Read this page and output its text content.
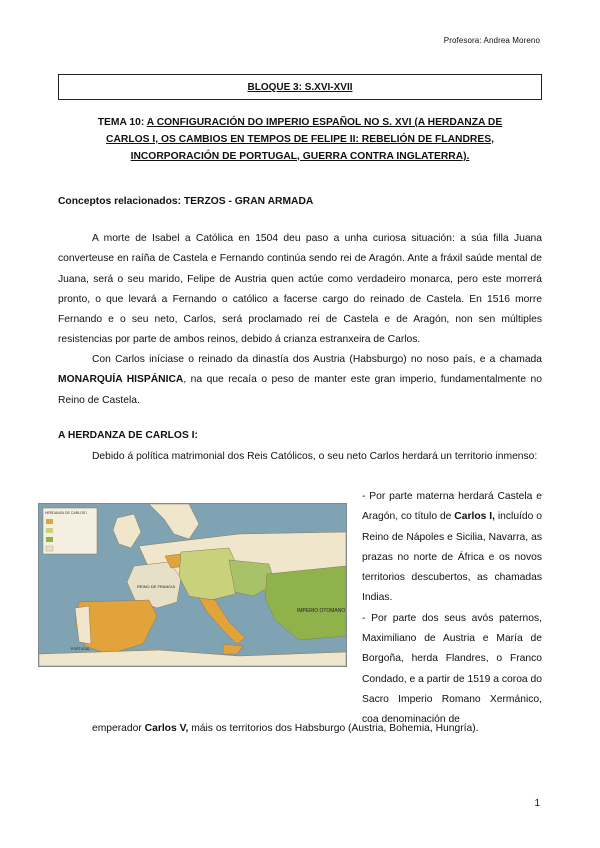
Profesora: Andrea Moreno
BLOQUE 3: S.XVI-XVII
TEMA 10: A CONFIGURACIÓN DO IMPERIO ESPAÑOL NO S. XVI (A HERDANZA DE
CARLOS I, OS CAMBIOS EN TEMPOS DE FELIPE II: REBELIÓN DE FLANDRES,
INCORPORACIÓN DE PORTUGAL, GUERRA CONTRA INGLATERRA).
Conceptos relacionados: TERZOS - GRAN ARMADA
A morte de Isabel a Católica en 1504 deu paso a unha curiosa situación: a súa filla Juana converteuse en raíña de Castela e Fernando continúa sendo rei de Aragón. Ante a fráxil saúde mental de Juana, será o seu marido, Felipe de Austria quen actúe como verdadeiro monarca, pero este morrerá pronto, o que levará a Fernando o católico a facerse cargo do reinado de Castela. En 1516 morre Fernando e o seu neto, Carlos, será proclamado rei de Castela e de Aragón, non sen múltiples resistencias por parte de ambos reinos, debido á crianza estranxeira de Carlos.
Con Carlos iníciase o reinado da dinastía dos Austria (Habsburgo) no noso país, e a chamada MONARQUÍA HISPÁNICA, na que recaía o peso de manter este gran imperio, fundamentalmente no Reino de Castela.
A HERDANZA DE CARLOS I:
Debido á política matrimonial dos Reis Católicos, o seu neto Carlos herdará un territorio inmenso:
HERDANZA DE CARLOS I
IMPERIO OTOMANO
REINO DE FRANCIA
PORTUGAL

- Por parte materna herdará Castela e Aragón, co título de Carlos I, incluído o Reino de Nápoles e Sicilia, Navarra, as prazas no norte de África e os novos territorios descubertos, as chamadas Indias.

- Por parte dos seus avós paternos, Maximiliano de Austria e María de Borgoña, herda Flandres, o Franco Condado, e a partir de 1519 a coroa do Sacro Imperio Romano Xermánico, coa denominación de

emperador Carlos V, máis os territorios dos Habsburgo (Austria, Bohemia, Hungría).
1
